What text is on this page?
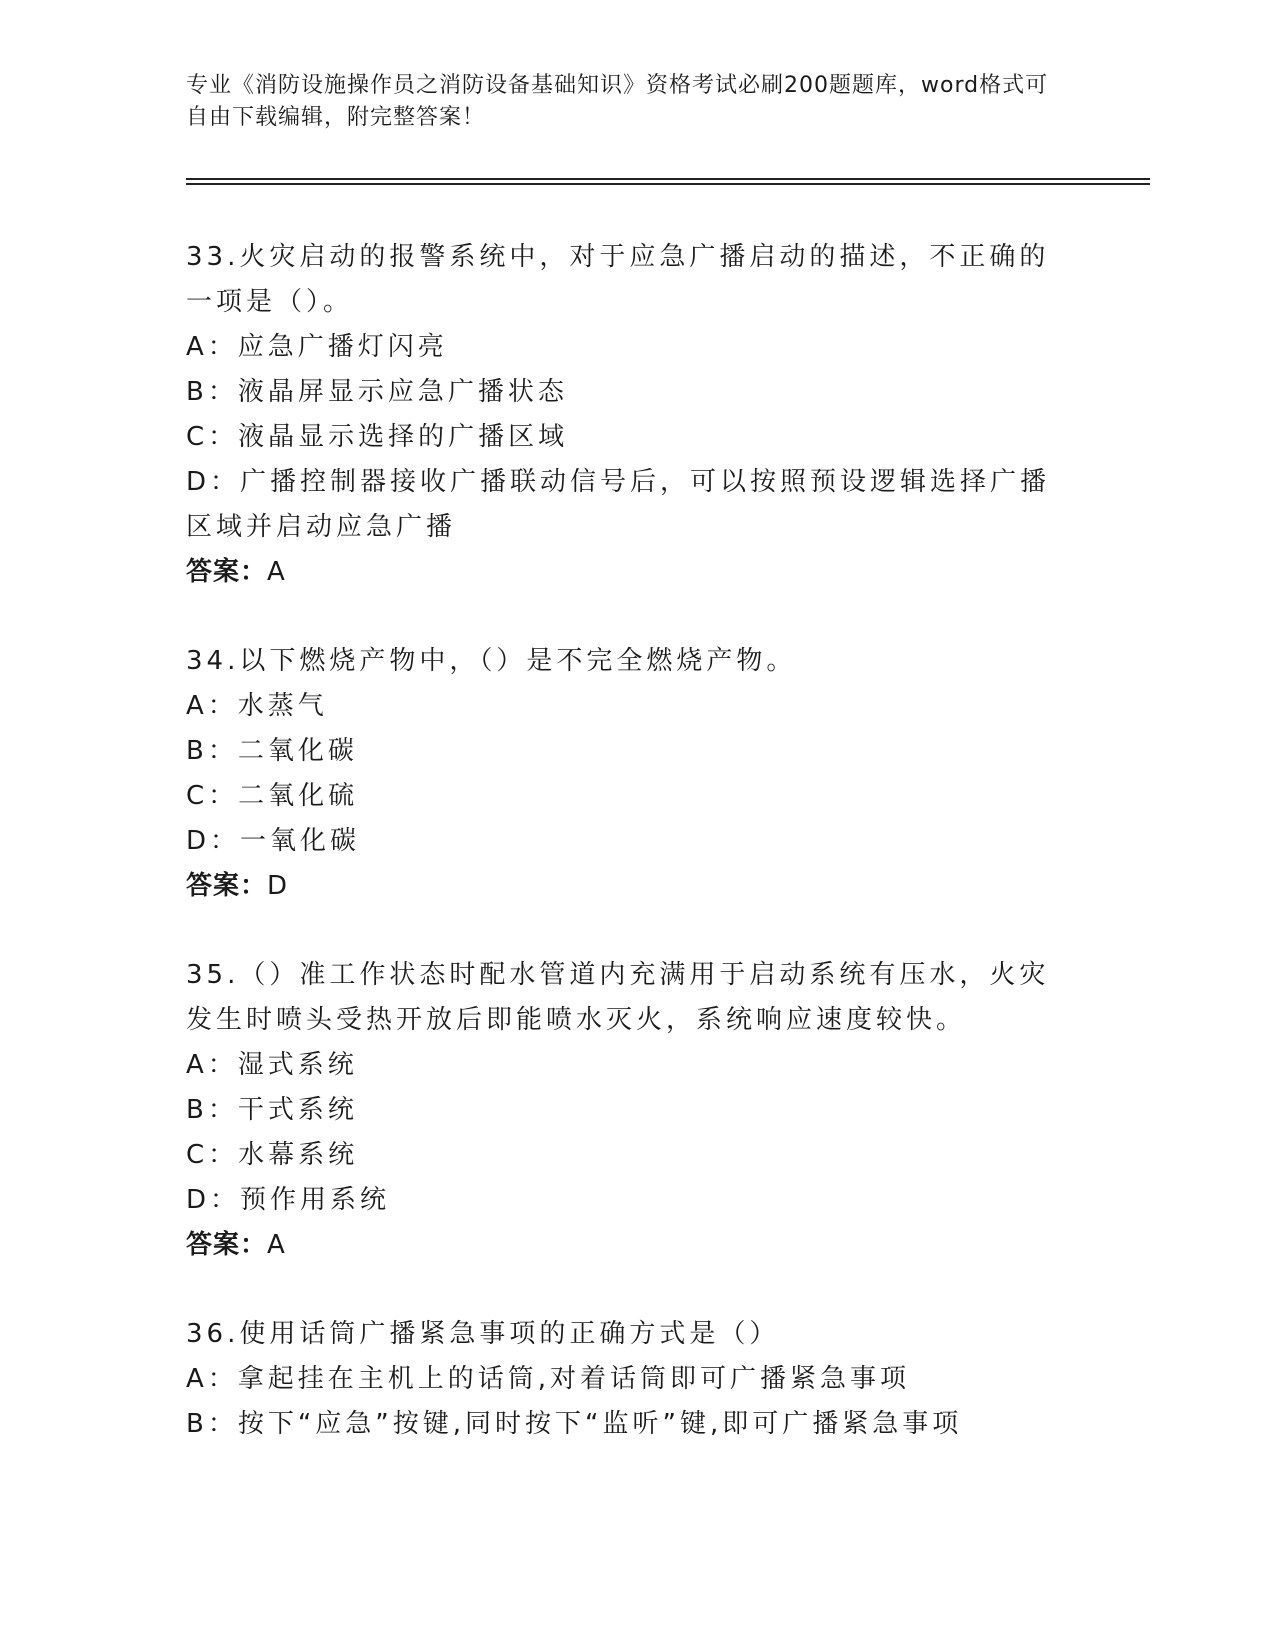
专业《消防设施操作员之消防设备基础知识》资格考试必刷200题题库，word格式可自由下载编辑，附完整答案！
33.火灾启动的报警系统中，对于应急广播启动的描述，不正确的一项是（）。
A：应急广播灯闪亮
B：液晶屏显示应急广播状态
C：液晶显示选择的广播区域
D：广播控制器接收广播联动信号后，可以按照预设逻辑选择广播区域并启动应急广播
答案：A
34.以下燃烧产物中，（）是不完全燃烧产物。
A：水蒸气
B：二氧化碳
C：二氧化硫
D：一氧化碳
答案：D
35.（）准工作状态时配水管道内充满用于启动系统有压水，火灾发生时喷头受热开放后即能喷水灭火，系统响应速度较快。
A：湿式系统
B：干式系统
C：水幕系统
D：预作用系统
答案：A
36.使用话筒广播紧急事项的正确方式是（）
A：拿起挂在主机上的话筒,对着话筒即可广播紧急事项
B：按下“应急”按键,同时按下“监听”键,即可广播紧急事项
